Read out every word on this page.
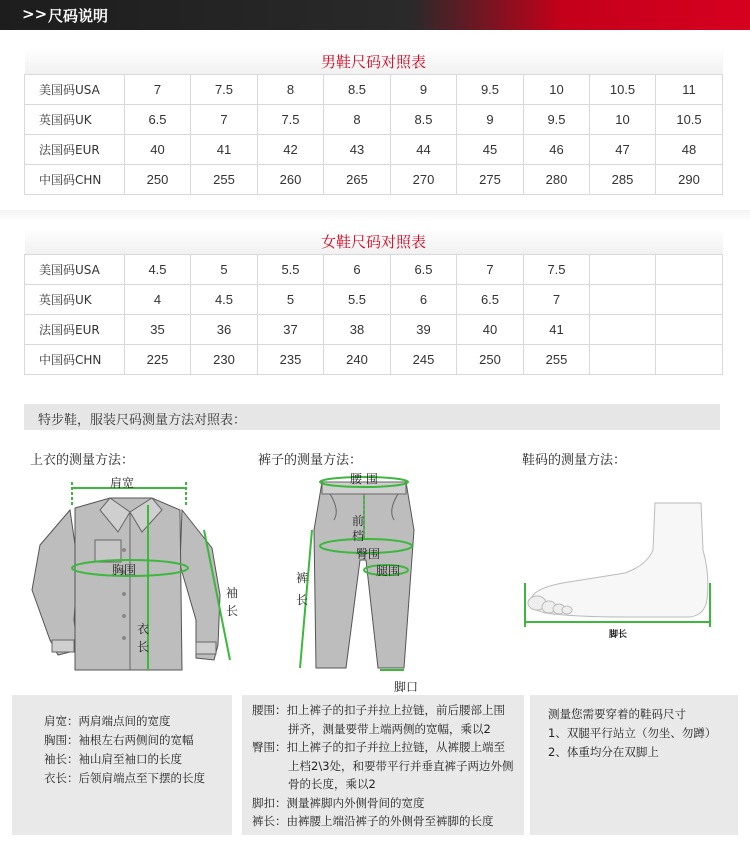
>> 尺码说明
男鞋尺码对照表									
美国码USA	7	7.5	8	8.5	9	9.5	10	10.5	11
英国码UK	6.5	7	7.5	8	8.5	9	9.5	10	10.5
法国码EUR	40	41	42	43	44	45	46	47	48
中国码CHN	250	255	260	265	270	275	280	285	290
女鞋尺码对照表									
美国码USA	4.5	5	5.5	6	6.5	7	7.5		
英国码UK	4	4.5	5	5.5	6	6.5	7		
法国码EUR	35	36	37	38	39	40	41		
中国码CHN	225	230	235	240	245	250	255		
特步鞋，服装尺码测量方法对照表：
上衣的测量方法：	裤子的测量方法：	鞋码的测量方法：
肩宽
胸围
袖长
衣长
腰 围
前档
臀围
腿围
裤长
脚口
脚长
肩宽：两肩端点间的宽度
胸围：袖根左右两侧间的宽幅
袖长：袖山肩至袖口的长度
衣长：后领肩端点至下摆的长度
腰围：扣上裤子的扣子并拉上拉链，前后腰部上围
拼齐，测量要带上端两侧的宽幅，乘以2
臀围：扣上裤子的扣子并拉上拉链，从裤腰上端至
上档2\3处，和要带平行并垂直裤子两边外侧
骨的长度，乘以2
脚扣：测量裤脚内外侧骨间的宽度
裤长：由裤腰上端沿裤子的外侧骨至裤脚的长度
测量您需要穿着的鞋码尺寸
1、双腿平行站立（勿坐、勿蹲）
2、体重均分在双脚上
